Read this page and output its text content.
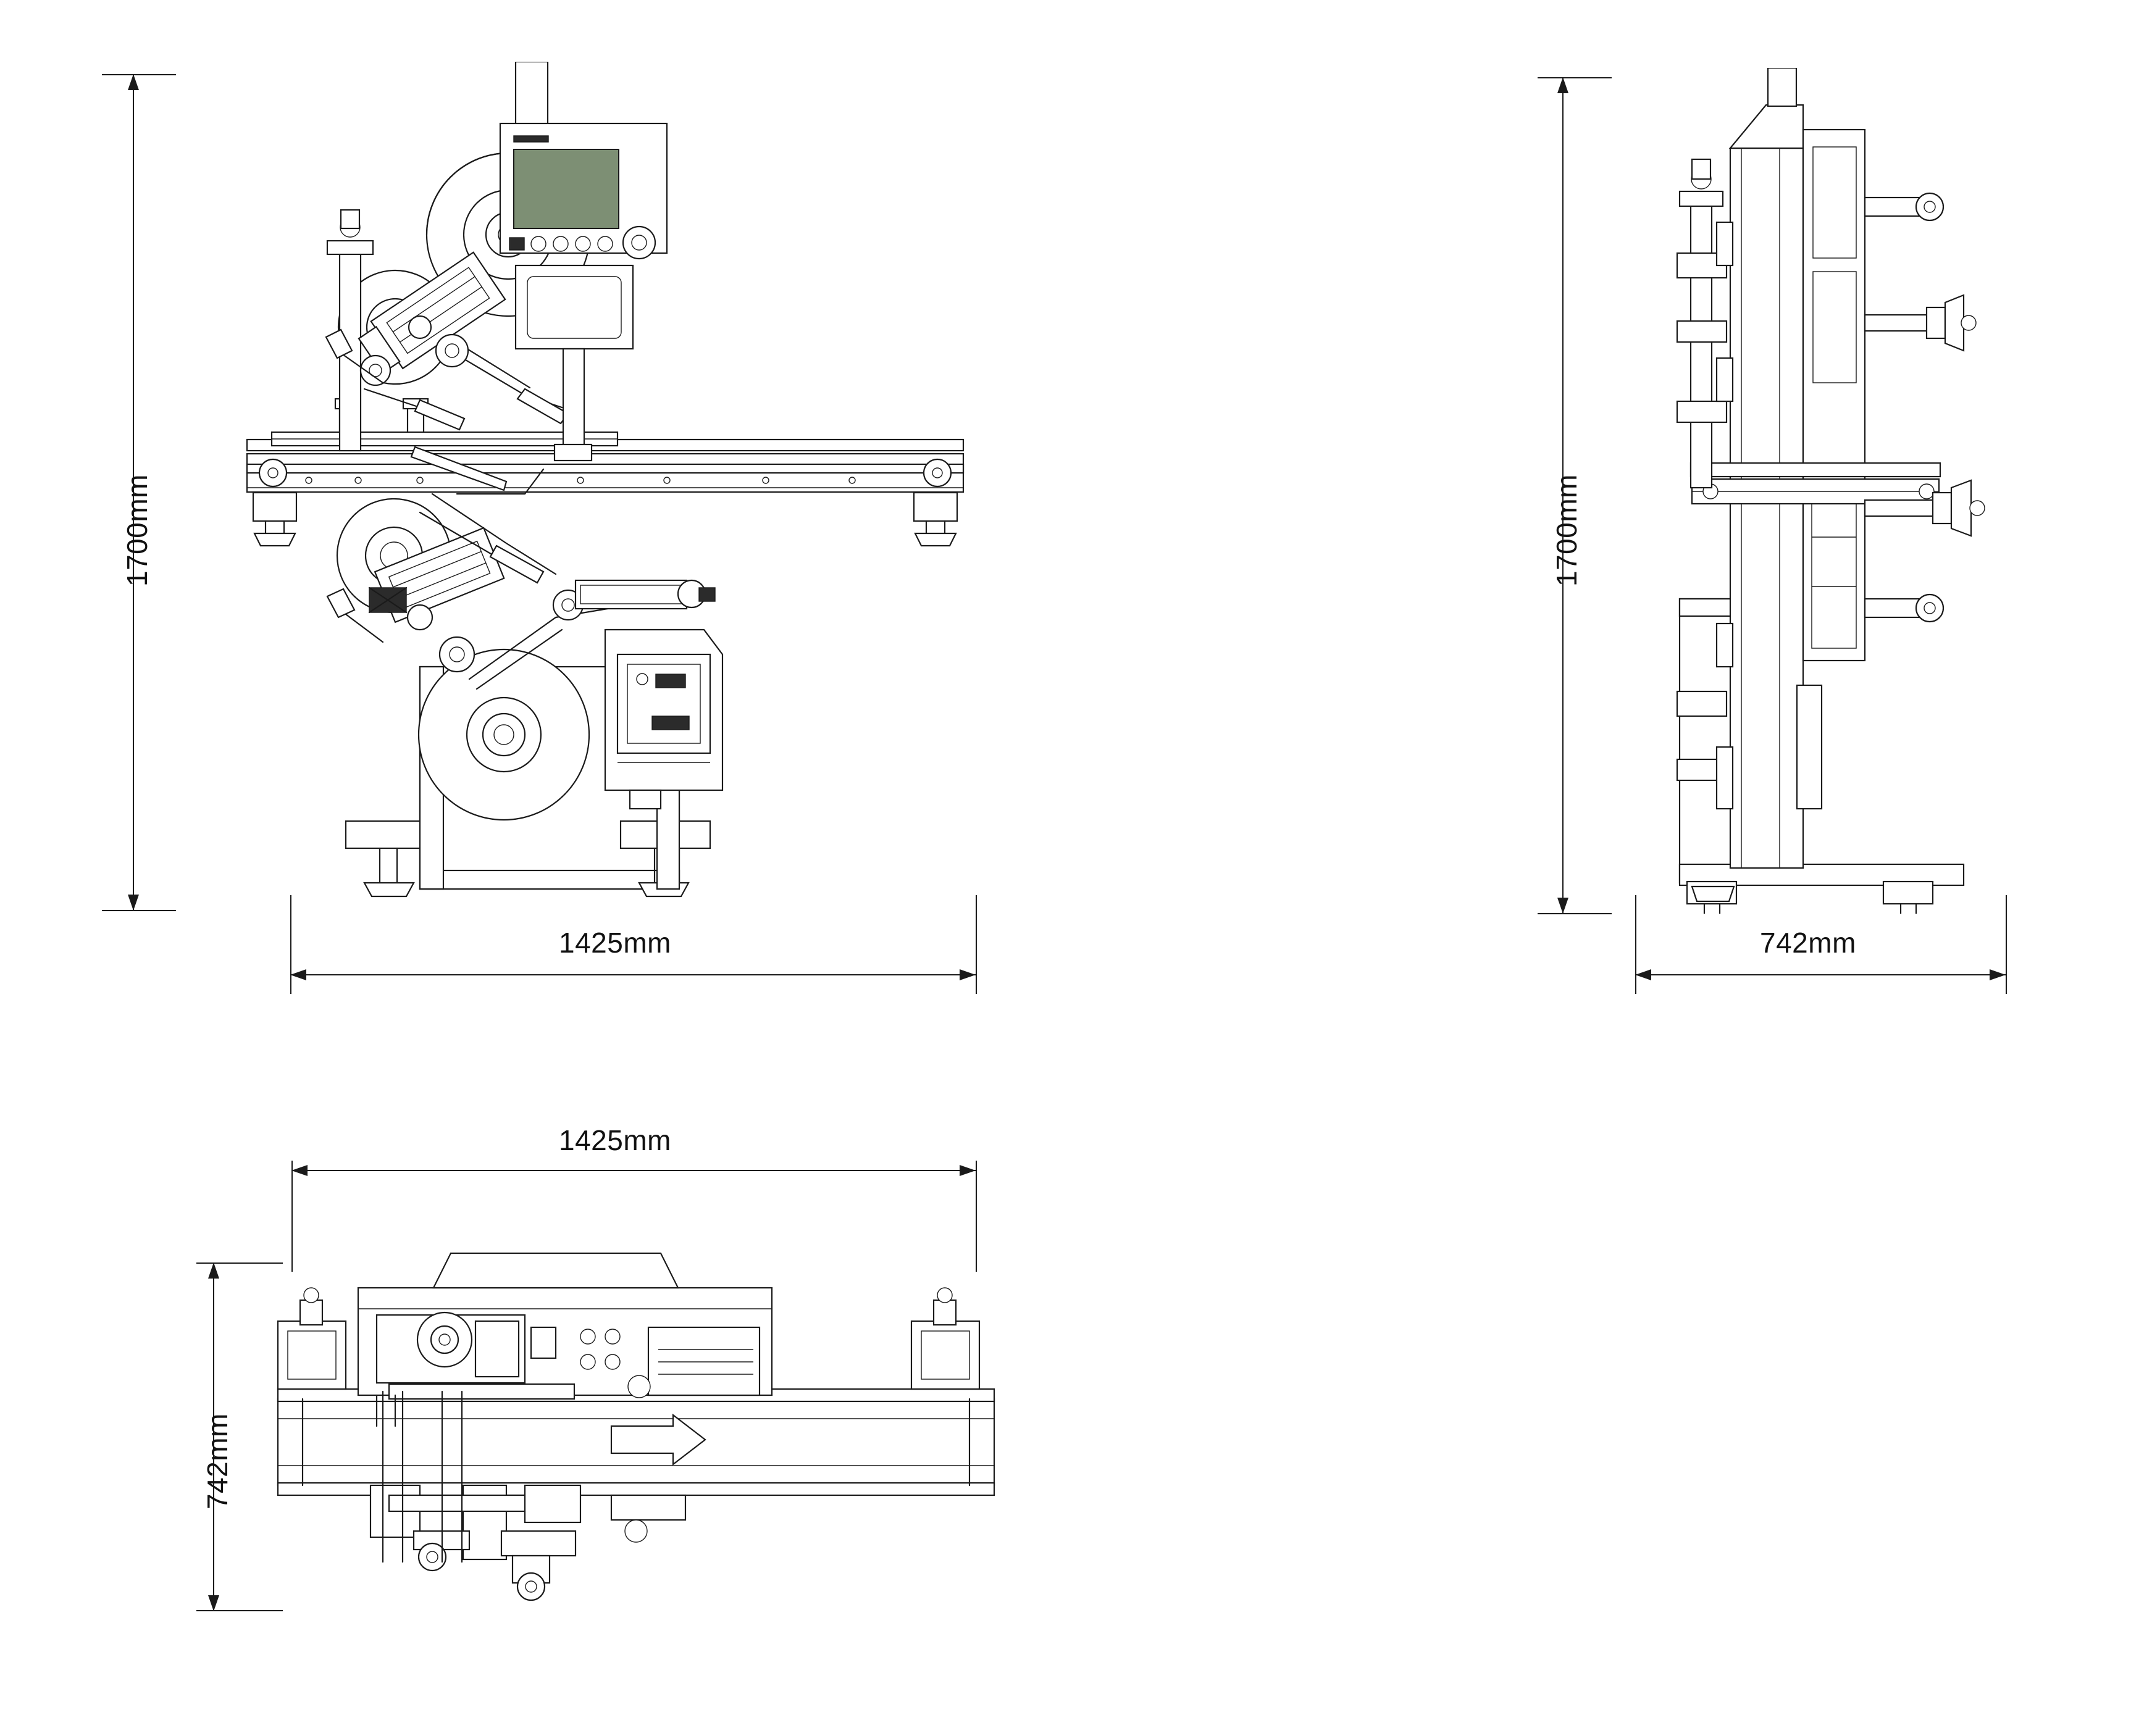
1700mm
1425mm
1700mm
742mm
1425mm
742mm
